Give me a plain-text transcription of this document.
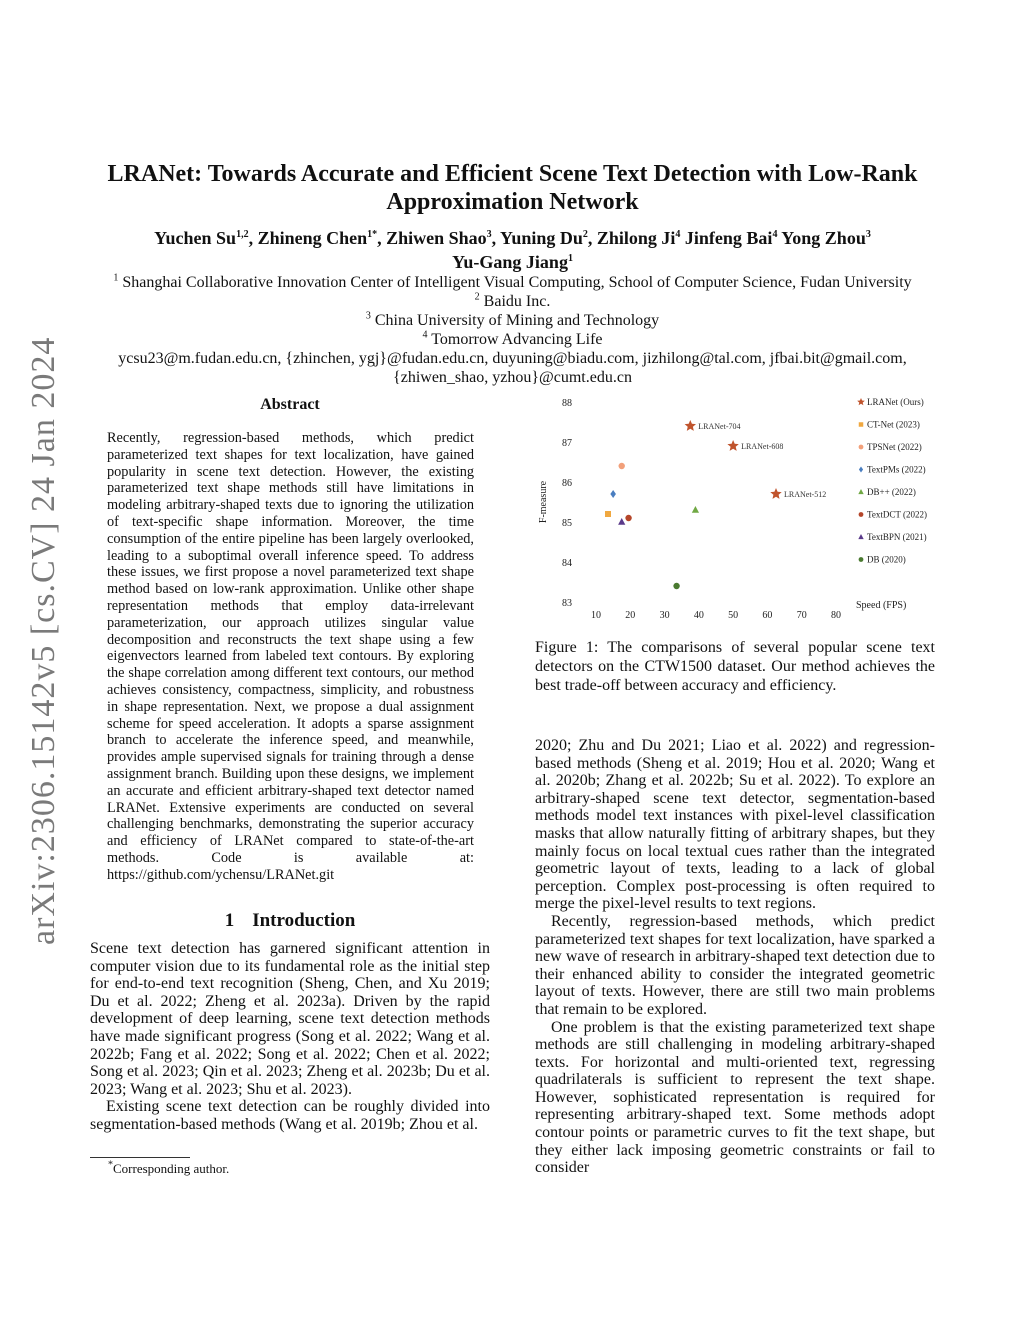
arXiv:2306.15142v5 [cs.CV] 24 Jan 2024
LRANet: Towards Accurate and Efficient Scene Text Detection with Low-Rank
Approximation Network
Yuchen Su$^{1,2}$, Zhineng Chen$^{1*}$, Zhiwen Shao$^3$, Yuning Du$^2$, Zhilong Ji$^4$ Jinfeng Bai$^4$ Yong Zhou$^3$
Yu-Gang Jiang$^1$
$^1$ Shanghai Collaborative Innovation Center of Intelligent Visual Computing, School of Computer Science, Fudan University
$^2$ Baidu Inc.
$^3$ China University of Mining and Technology
$^4$ Tomorrow Advancing Life
ycsu23@m.fudan.edu.cn, {zhinchen, ygj}@fudan.edu.cn, duyuning@biadu.com, jizhilong@tal.com, jfbai.bit@gmail.com,
{zhiwen_shao, yzhou}@cumt.edu.cn
Abstract
Recently, regression-based methods, which predict parameterized text shapes for text localization, have gained popularity in scene text detection. However, the existing parameterized text shape methods still have limitations in modeling arbitrary-shaped texts due to ignoring the utilization of text-specific shape information. Moreover, the time consumption of the entire pipeline has been largely overlooked, leading to a suboptimal overall inference speed. To address these issues, we first propose a novel parameterized text shape method based on low-rank approximation. Unlike other shape representation methods that employ data-irrelevant parameterization, our approach utilizes singular value decomposition and reconstructs the text shape using a few eigenvectors learned from labeled text contours. By exploring the shape correlation among different text contours, our method achieves consistency, compactness, simplicity, and robustness in shape representation. Next, we propose a dual assignment scheme for speed acceleration. It adopts a sparse assignment branch to accelerate the inference speed, and meanwhile, provides ample supervised signals for training through a dense assignment branch. Building upon these designs, we implement an accurate and efficient arbitrary-shaped text detector named LRANet. Extensive experiments are conducted on several challenging benchmarks, demonstrating the superior accuracy and efficiency of LRANet compared to state-of-the-art methods. Code is available at: https://github.com/ychensu/LRANet.git
10 20 30 40 50 60 70 80
83
84
85
86
87
88
F-measure
Speed (FPS)
LRANet-704
LRANet-608
LRANet-512
LRANet (Ours)
CT-Net (2023)
TPSNet (2022)
TextPMs (2022)
DB++ (2022)
TextDCT (2022)
TextBPN (2021)
DB (2020)
Figure 1: The comparisons of several popular scene text detectors on the CTW1500 dataset. Our method achieves the best trade-off between accuracy and efficiency.
1 Introduction

Scene text detection has garnered significant attention in computer vision due to its fundamental role as the initial step for end-to-end text recognition (Sheng, Chen, and Xu 2019; Du et al. 2022; Zheng et al. 2023a). Driven by the rapid development of deep learning, scene text detection methods have made significant progress (Song et al. 2022; Wang et al. 2022b; Fang et al. 2022; Song et al. 2022; Chen et al. 2022; Song et al. 2023; Qin et al. 2023; Zheng et al. 2023b; Du et al. 2023; Wang et al. 2023; Shu et al. 2023).

Existing scene text detection can be roughly divided into segmentation-based methods (Wang et al. 2019b; Zhou et al.

*Corresponding author.

2020; Zhu and Du 2021; Liao et al. 2022) and regression-based methods (Sheng et al. 2019; Hou et al. 2020; Wang et al. 2020b; Zhang et al. 2022b; Su et al. 2022). To explore an arbitrary-shaped scene text detector, segmentation-based methods model text instances with pixel-level classification masks that allow naturally fitting of arbitrary shapes, but they mainly focus on local textual cues rather than the integrated geometric layout of texts, leading to a lack of global perception. Complex post-processing is often required to merge the pixel-level results to text regions.

Recently, regression-based methods, which predict parameterized text shapes for text localization, have sparked a new wave of research in arbitrary-shaped text detection due to their enhanced ability to consider the integrated geometric layout of texts. However, there are still two main problems that remain to be explored.

One problem is that the existing parameterized text shape methods are still challenging in modeling arbitrary-shaped texts. For horizontal and multi-oriented text, regressing quadrilaterals is sufficient to represent the text shape. However, sophisticated representation is required for representing arbitrary-shaped text. Some methods adopt contour points or parametric curves to fit the text shape, but they either lack imposing geometric constraints or fail to consider
